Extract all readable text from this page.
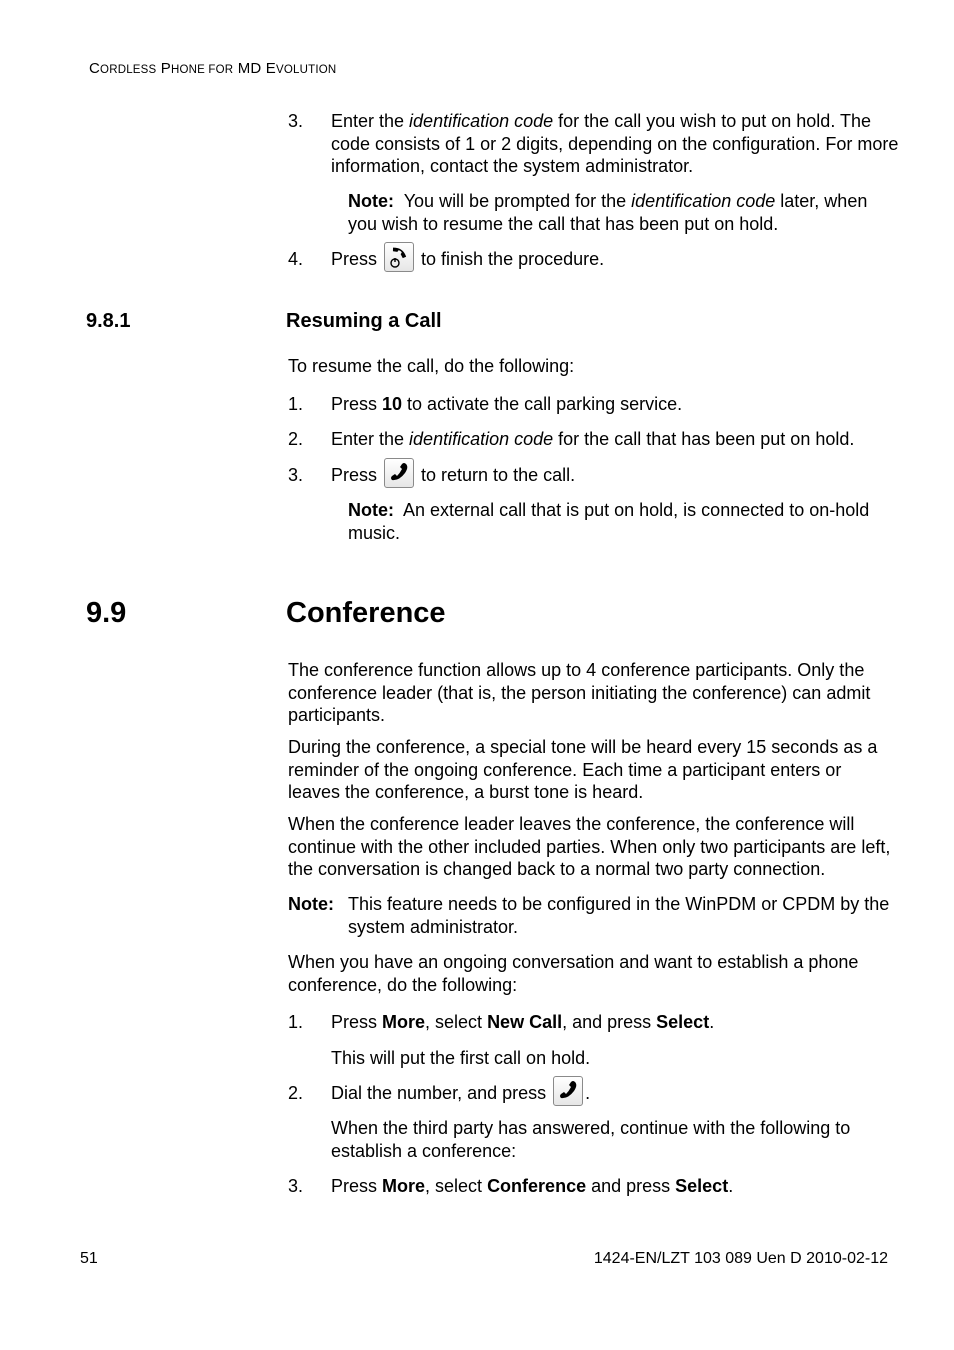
CORDLESS PHONE FOR MD EVOLUTION
3. Enter the identification code for the call you wish to put on hold. The code consists of 1 or 2 digits, depending on the configuration. For more information, contact the system administrator.

Note: You will be prompted for the identification code later, when you wish to resume the call that has been put on hold.

4. Press
to finish the procedure.

9.8.1	Resuming a Call

To resume the call, do the following:

1. Press 10 to activate the call parking service.

2. Enter the identification code for the call that has been put on hold.

3. Press
to return to the call.

Note: An external call that is put on hold, is connected to on-hold music.

9.9	Conference

The conference function allows up to 4 conference participants. Only the conference leader (that is, the person initiating the conference) can admit participants.

During the conference, a special tone will be heard every 15 seconds as a reminder of the ongoing conference. Each time a participant enters or leaves the conference, a burst tone is heard.

When the conference leader leaves the conference, the conference will continue with the other included parties. When only two participants are left, the conversation is changed back to a normal two party connection.

Note: This feature needs to be configured in the WinPDM or CPDM by the system administrator.

When you have an ongoing conversation and want to establish a phone conference, do the following:

1. Press More, select New Call, and press Select.

This will put the first call on hold.

2. Dial the number, and press
.

When the third party has answered, continue with the following to establish a conference:

3. Press More, select Conference and press Select.

51	1424-EN/LZT 103 089 Uen D 2010-02-12
